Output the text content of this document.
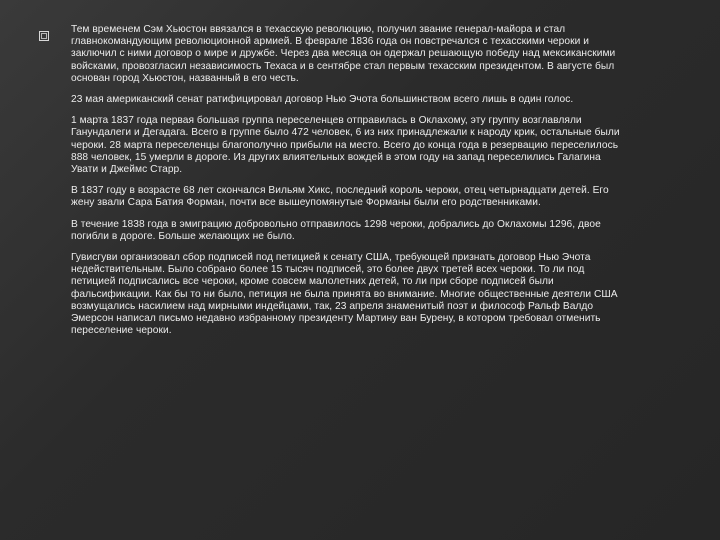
Тем временем Сэм Хьюстон ввязался в техасскую революцию, получил звание генерал-майора и стал главнокомандующим революционной армией. В феврале 1836 года он повстречался с техасскими чероки и заключил с ними договор о мире и дружбе. Через два месяца он одержал решающую победу над мексиканскими войсками, провозгласил независимость Техаса и в сентябре стал первым техасским президентом. В августе был основан город Хьюстон, названный в его честь.

23 мая американский сенат ратифицировал договор Нью Эчота большинством всего лишь в один голос.

1 марта 1837 года первая большая группа переселенцев отправилась в Оклахому, эту группу возглавляли Ганундалеги и Дегадага. Всего в группе было 472 человек, 6 из них принадлежали к народу крик, остальные были чероки. 28 марта переселенцы благополучно прибыли на место. Всего до конца года в резервацию переселилось 888 человек, 15 умерли в дороге. Из других влиятельных вождей в этом году на запад переселились Галагина Увати и Джеймс Старр.

В 1837 году в возрасте 68 лет скончался Вильям Хикс, последний король чероки, отец четырнадцати детей. Его жену звали Сара Батия Форман, почти все вышеупомянутые Форманы были его родственниками.

В течение 1838 года в эмиграцию добровольно отправилось 1298 чероки, добрались до Оклахомы 1296, двое погибли в дороге. Больше желающих не было.

Гувисгуви организовал сбор подписей под петицией к сенату США, требующей признать договор Нью Эчота недействительным. Было собрано более 15 тысяч подписей, это более двух третей всех чероки. То ли под петицией подписались все чероки, кроме совсем малолетних детей, то ли при сборе подписей были фальсификации. Как бы то ни было, петиция не была принята во внимание. Многие общественные деятели США возмущались насилием над мирными индейцами, так, 23 апреля знаменитый поэт и философ Ральф Валдо Эмерсон написал письмо недавно избранному президенту Мартину ван Бурену, в котором требовал отменить переселение чероки.
